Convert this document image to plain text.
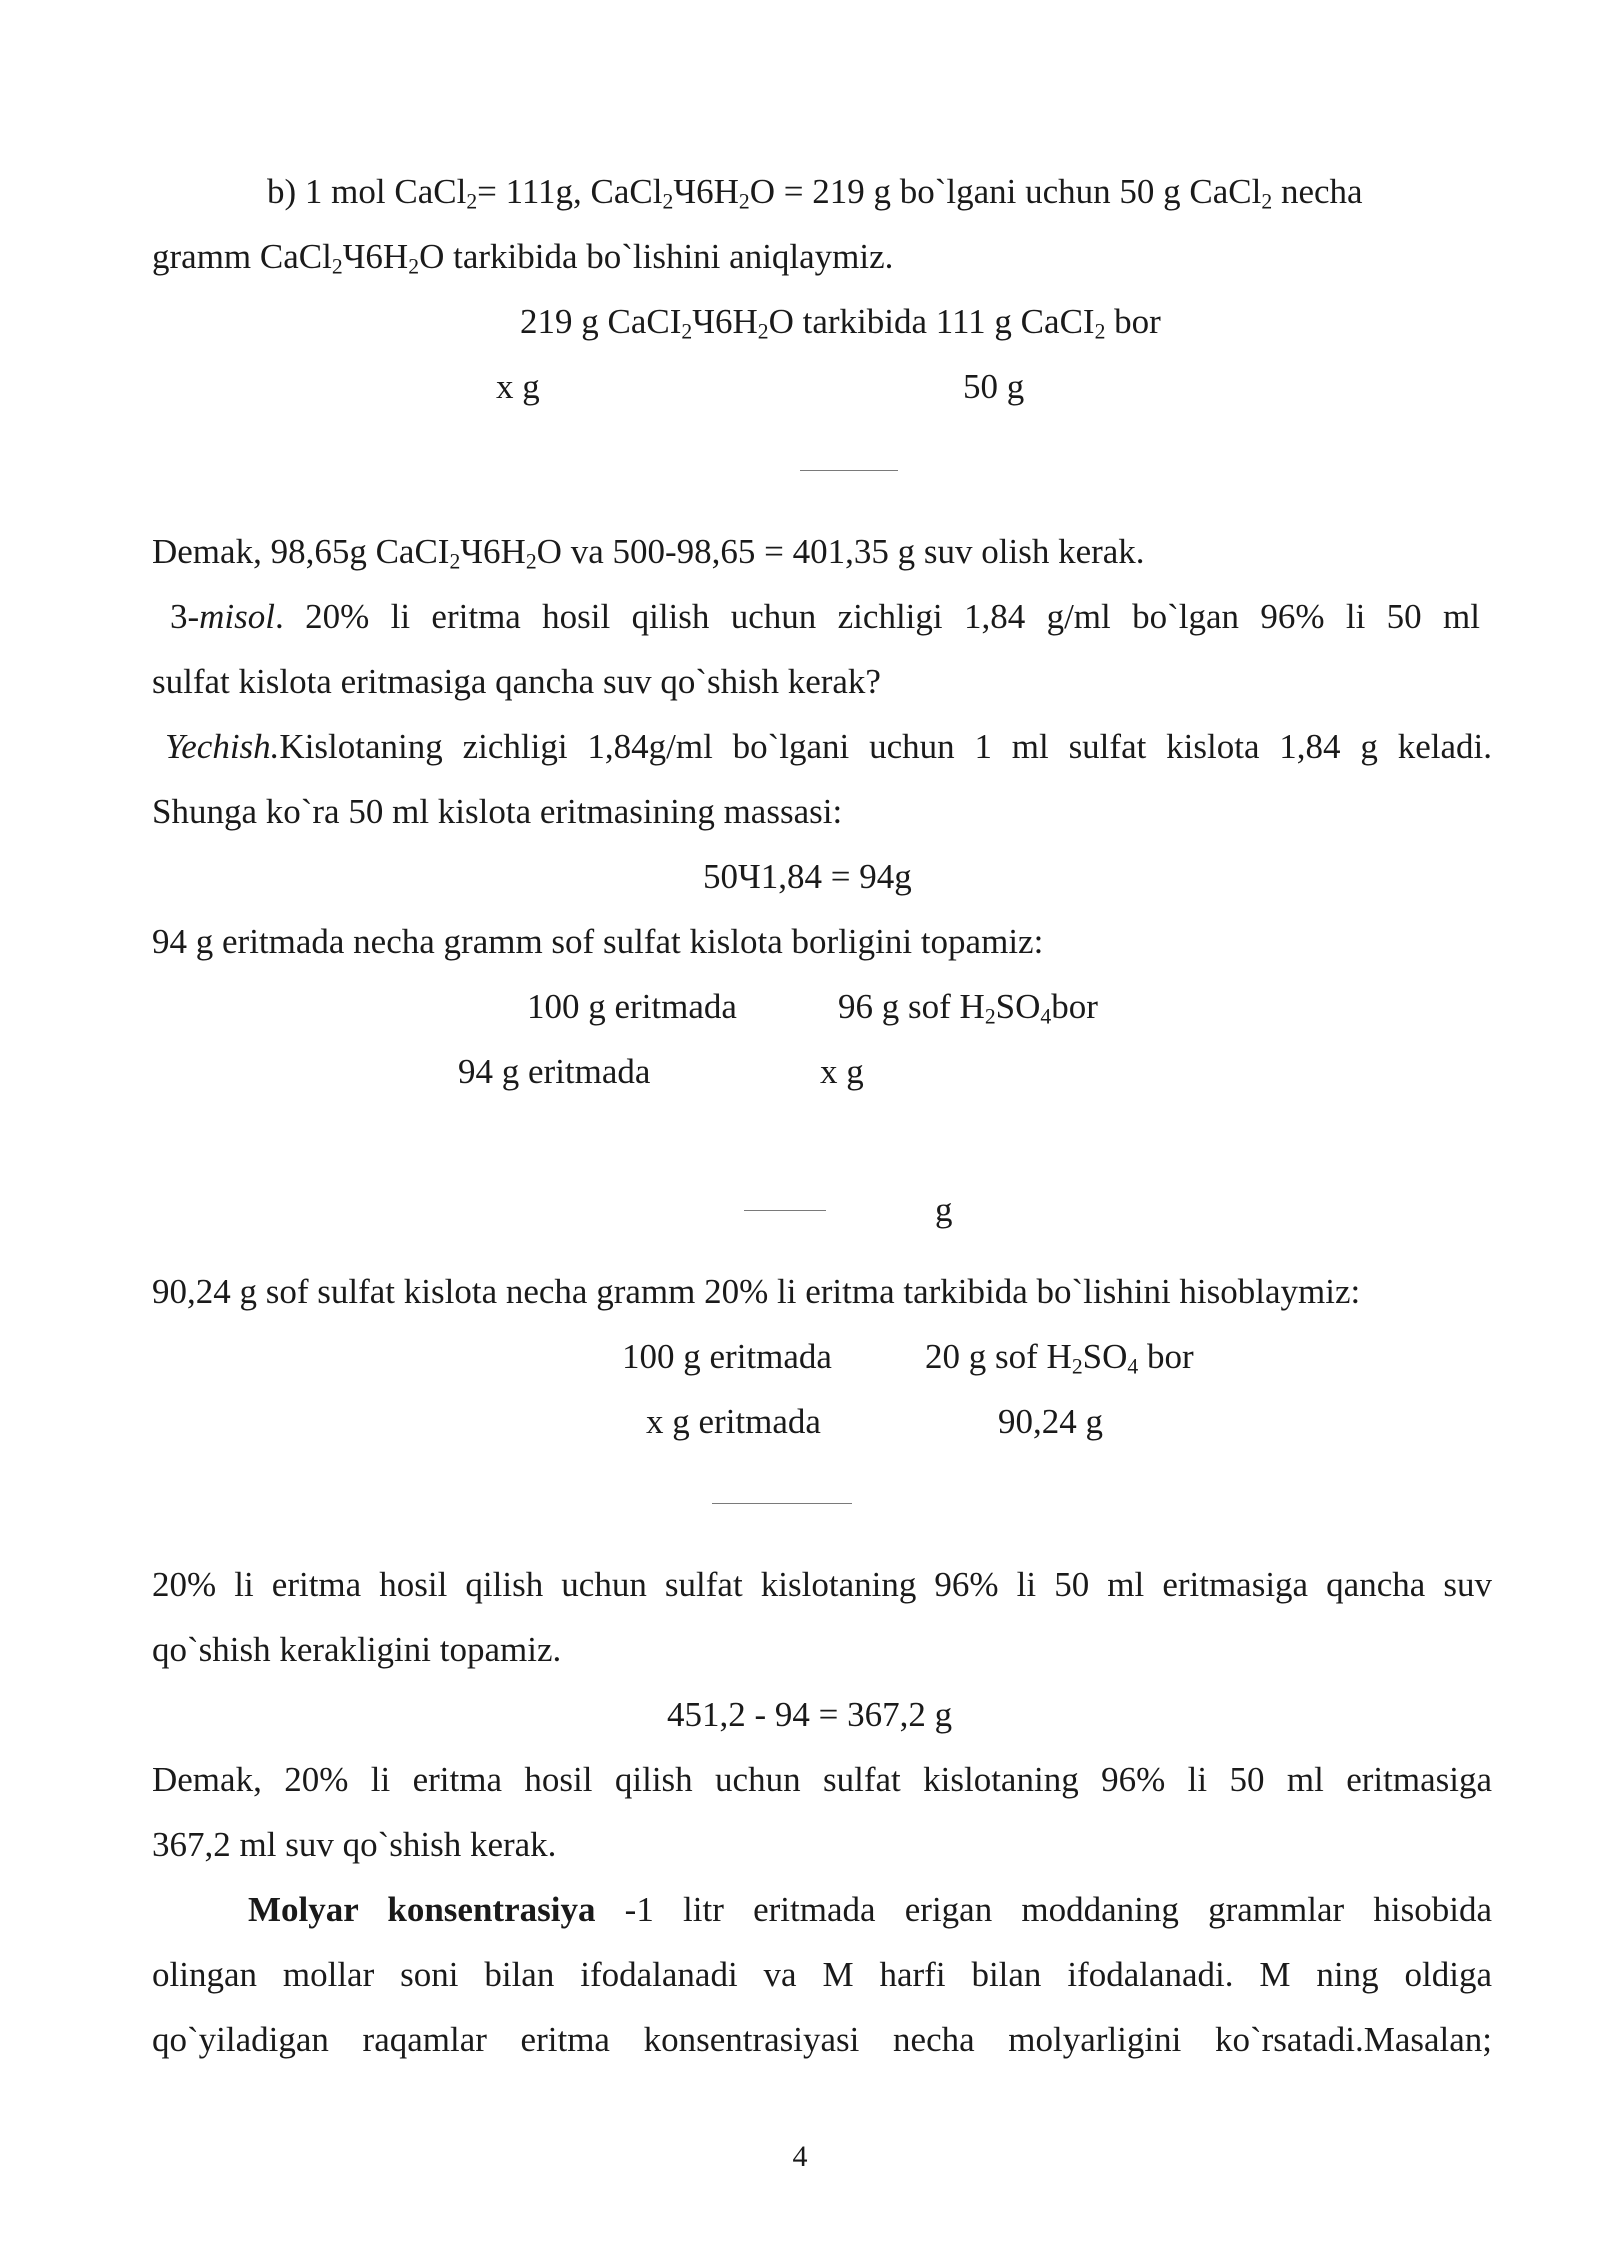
b) 1 mol CaCl$_2$= 111g, $CaCl_2Ч6H_2O = 219$ g bo`lgani uchun 50 g CaCl$_2$ necha
gramm $CaCl_2Ч6H_2O$ tarkibida bo`lishini aniqlaymiz.
219 g $CaCI_2Ч6H_2O$ tarkibida 111 g CaCI$_2$ bor
x g	50 g
Demak, 98,65g $CaCI_2Ч6H_2O$ va 500-98,65 = 401,35 g suv olish kerak.
3-misol. 20% li eritma hosil qilish uchun zichligi 1,84 g/ml bo`lgan 96% li 50 ml
sulfat kislota eritmasiga qancha suv qo`shish kerak?
Yechish.Kislotaning zichligi 1,84g/ml bo`lgani uchun 1 ml sulfat kislota 1,84 g keladi.
Shunga ko`ra 50 ml kislota eritmasining massasi:
50Ч1,84 = 94g
94 g eritmada necha gramm sof sulfat kislota borligini topamiz:
100 g eritmada	96 g sof $H_2SO_4bor$
94 g eritmada	x g
g
90,24 g sof sulfat kislota necha gramm 20% li eritma tarkibida bo`lishini hisoblaymiz:
100 g eritmada	20 g sof $H_2SO_4$ bor
x g eritmada	90,24 g
20% li eritma hosil qilish uchun sulfat kislotaning 96% li 50 ml eritmasiga qancha suv
qo`shish kerakligini topamiz.
451,2 - 94 = 367,2 g
Demak, 20% li eritma hosil qilish uchun sulfat kislotaning 96% li 50 ml eritmasiga
367,2 ml suv qo`shish kerak.
Molyar konsentrasiya -1 litr eritmada erigan moddaning grammlar hisobida
olingan mollar soni bilan ifodalanadi va M harfi bilan ifodalanadi. M ning oldiga
qo`yiladigan raqamlar eritma konsentrasiyasi necha molyarligini ko`rsatadi.Masalan;
4
